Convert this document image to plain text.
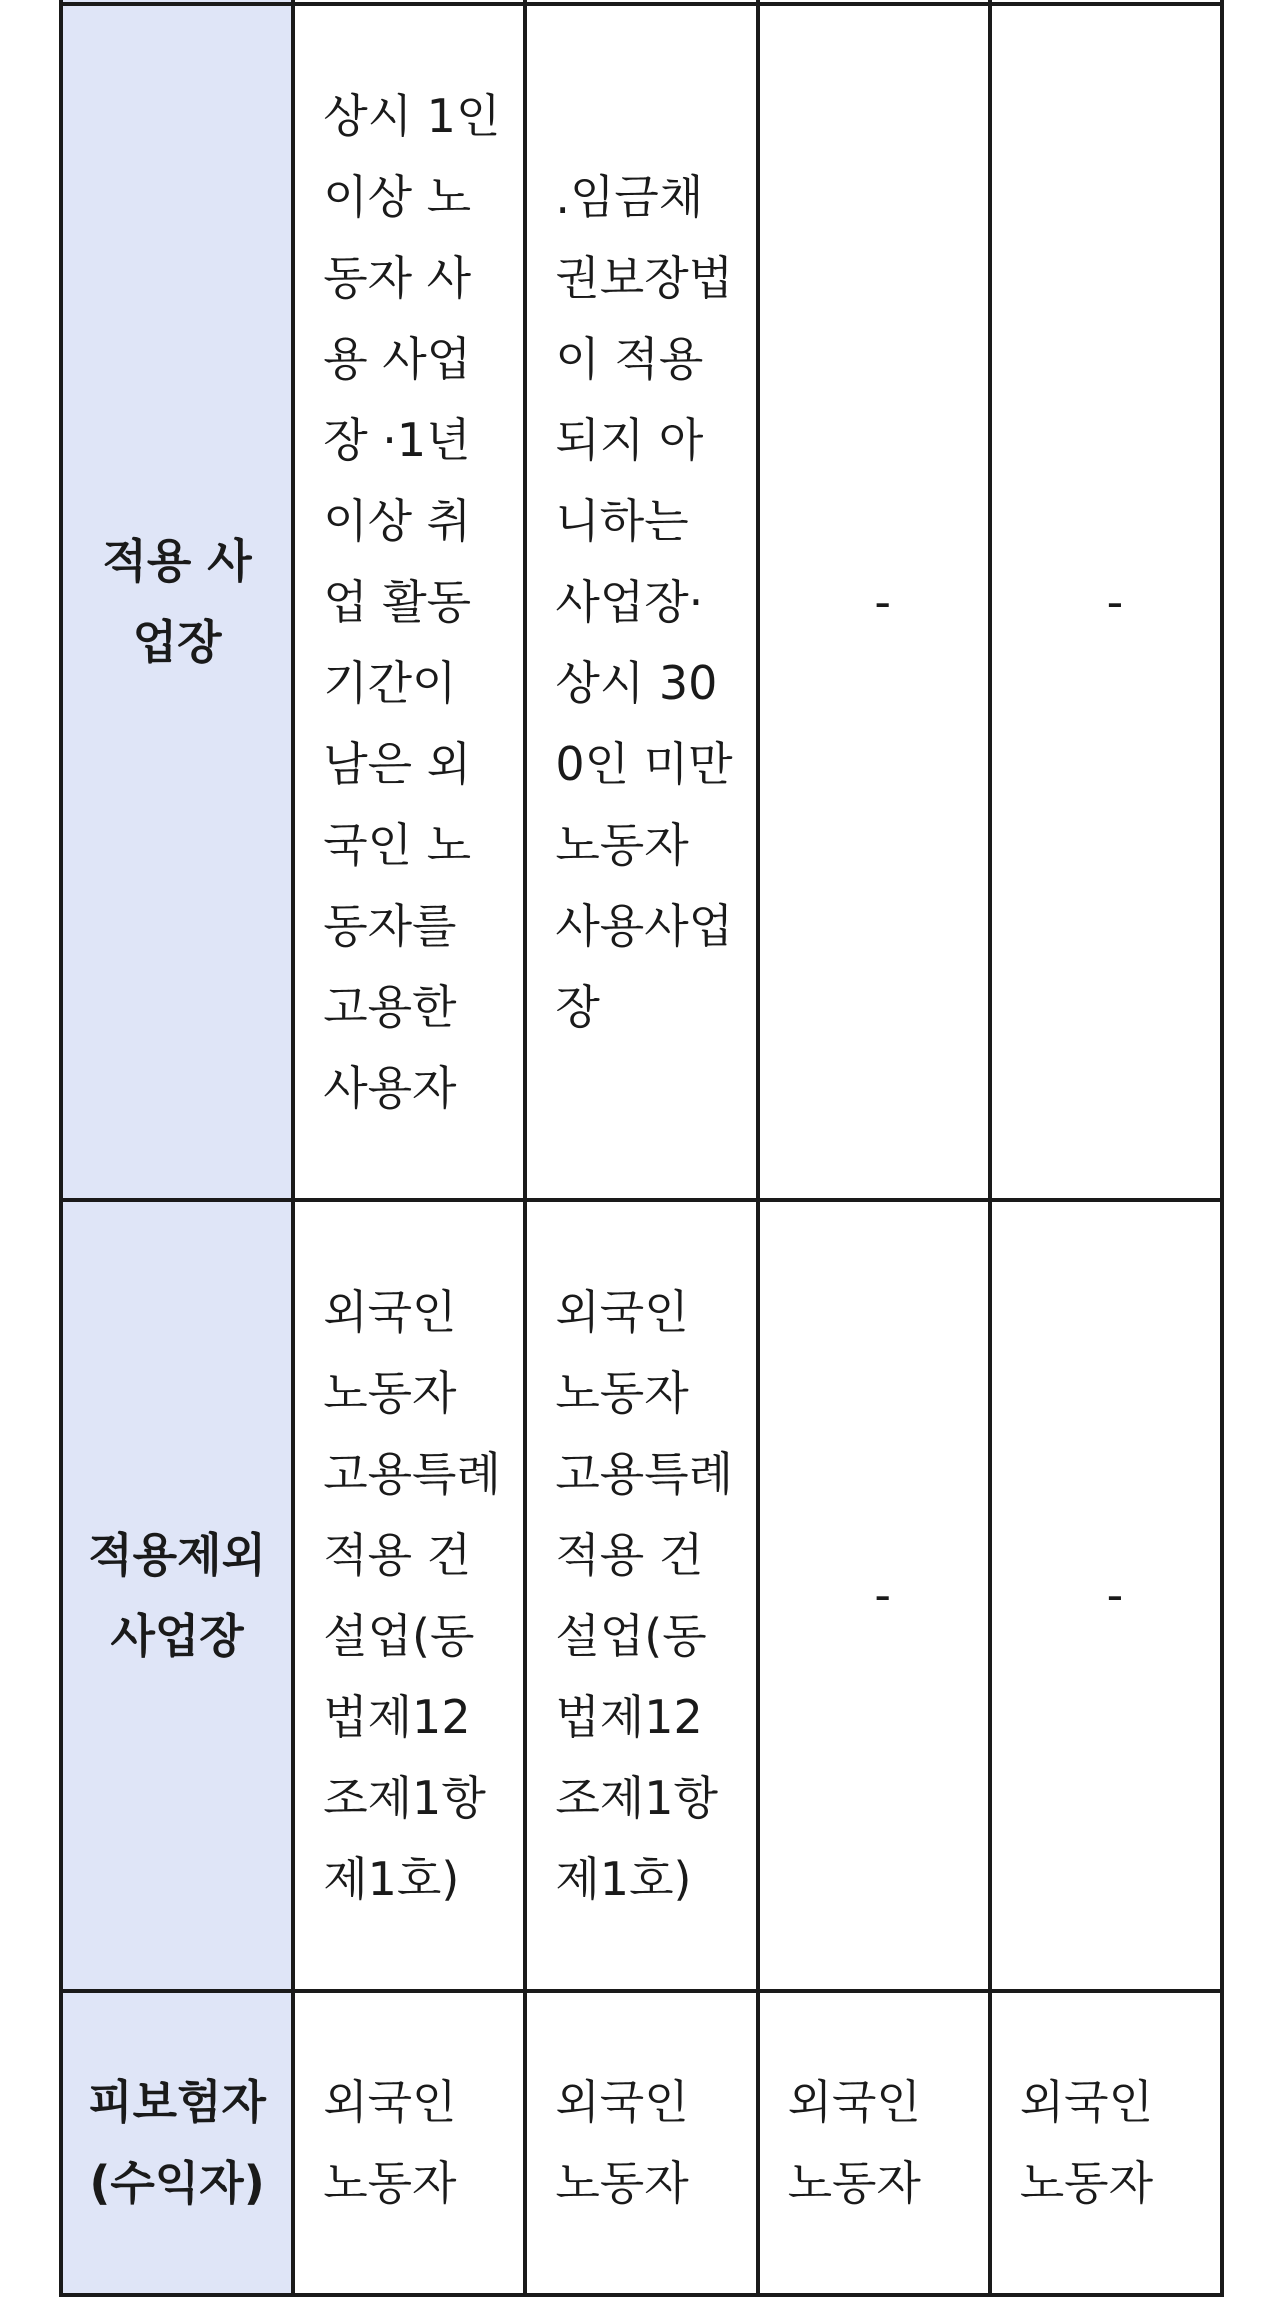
적용 사업장	상시 1인이상 노동자 사용 사업장 ·1년 이상 취업 활동 기간이 남은 외국인 노동자를 고용한 사용자	.임금채권보장법이 적용되지 아니하는 사업장·상시 300인 미만 노동자 사용사업장	-	-

적용제외 사업장	외국인 노동자 고용특례 적용 건설업(동법제12조제1항제1호)	외국인 노동자 고용특례 적용 건설업(동법제12조제1항제1호)	-	-

피보험자(수익자)	외국인 노동자	외국인 노동자	외국인 노동자	외국인 노동자
